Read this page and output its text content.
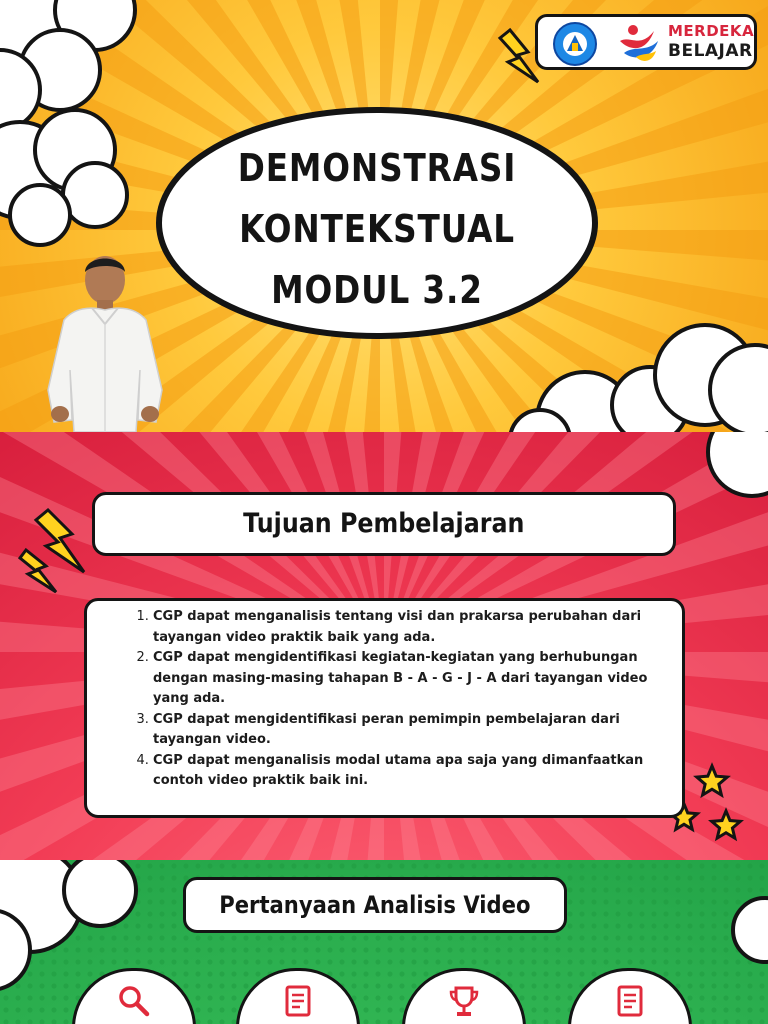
DEMONSTRASI
KONTEKSTUAL
MODUL 3.2
MERDEKA
BELAJAR
Tujuan Pembelajaran
1. CGP dapat menganalisis tentang visi dan prakarsa perubahan dari tayangan video praktik baik yang ada.
2. CGP dapat mengidentifikasi kegiatan-kegiatan yang berhubungan dengan masing-masing tahapan B - A - G - J - A dari tayangan video yang ada.
3. CGP dapat mengidentifikasi peran pemimpin pembelajaran dari tayangan video.
4. CGP dapat menganalisis modal utama apa saja yang dimanfaatkan contoh video praktik baik ini.
Pertanyaan Analisis Video
